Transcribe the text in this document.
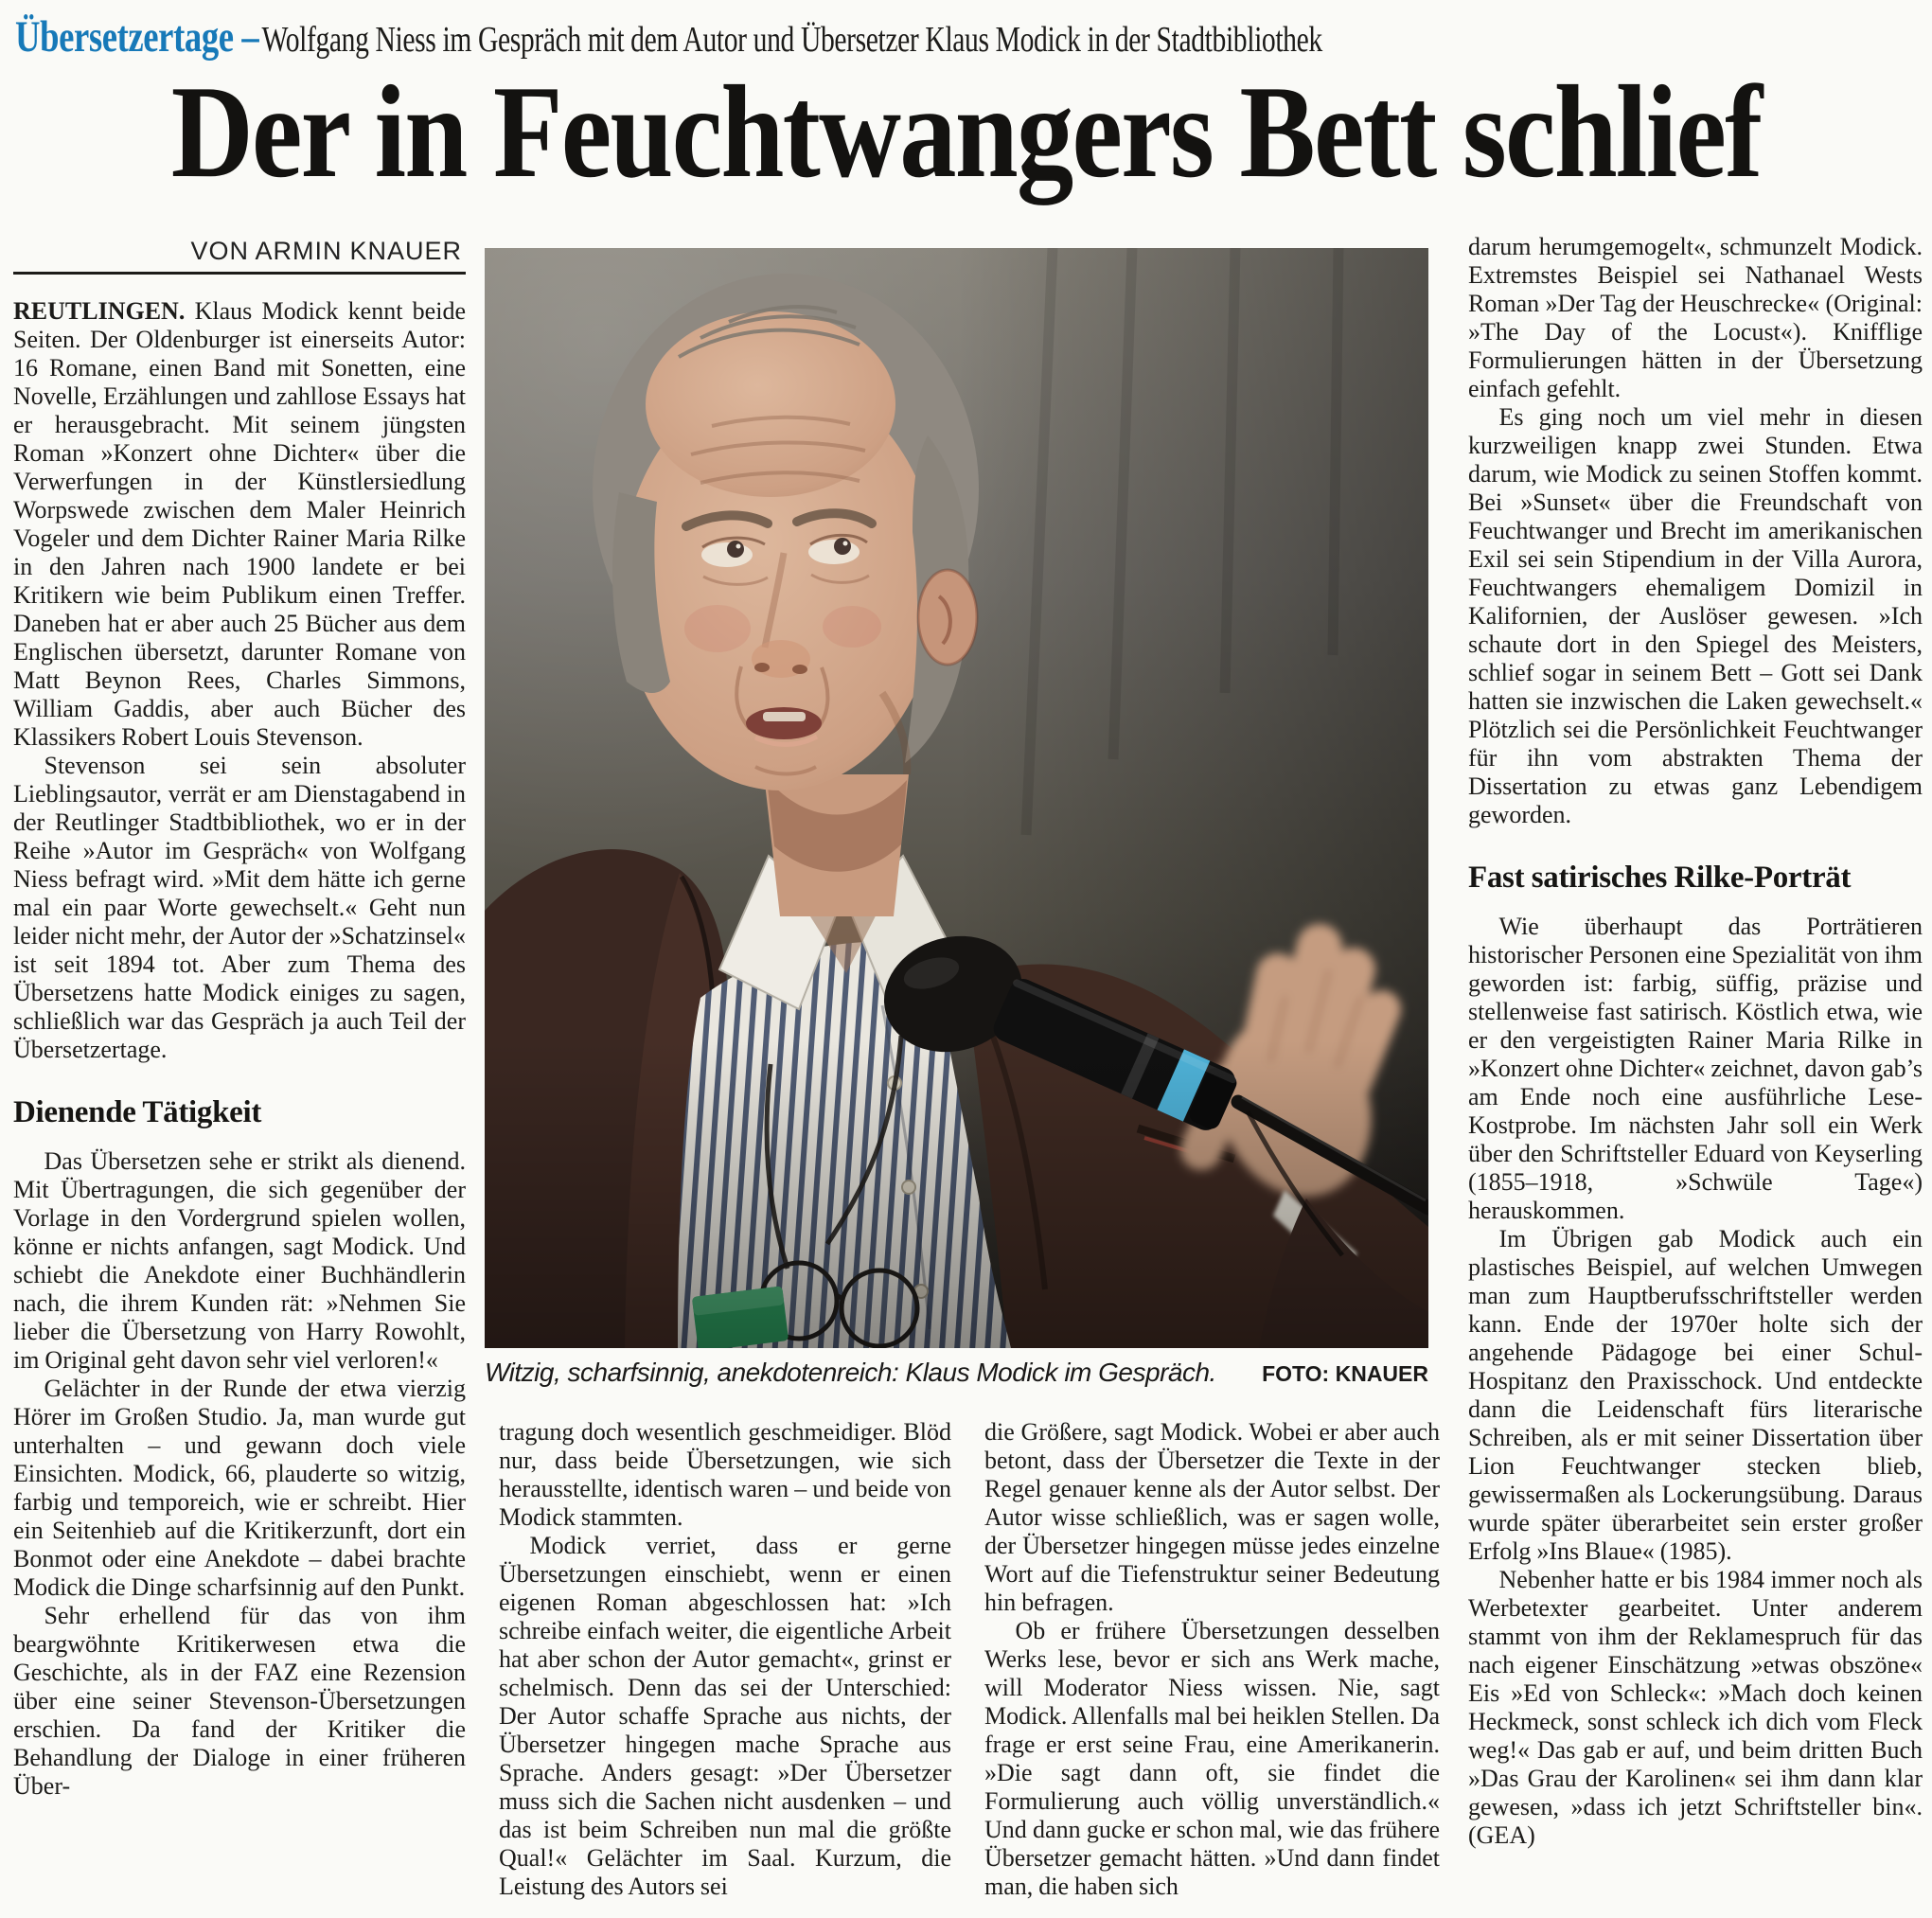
Übersetzertage – Wolfgang Niess im Gespräch mit dem Autor und Übersetzer Klaus Modick in der Stadtbibliothek
Der in Feuchtwangers Bett schlief
VON ARMIN KNAUER

REUTLINGEN. Klaus Modick kennt beide Seiten. Der Oldenburger ist einerseits Autor: 16 Romane, einen Band mit Sonetten, eine Novelle, Erzählungen und zahllose Essays hat er herausgebracht. Mit seinem jüngsten Roman »Konzert ohne Dichter« über die Verwerfungen in der Künstlersiedlung Worpswede zwischen dem Maler Heinrich Vogeler und dem Dichter Rainer Maria Rilke in den Jahren nach 1900 landete er bei Kritikern wie beim Publikum einen Treffer. Daneben hat er aber auch 25 Bücher aus dem Englischen übersetzt, darunter Romane von Matt Beynon Rees, Charles Simmons, William Gaddis, aber auch Bücher des Klassikers Robert Louis Stevenson.

Stevenson sei sein absoluter Lieblingsautor, verrät er am Dienstagabend in der Reutlinger Stadtbibliothek, wo er in der Reihe »Autor im Gespräch« von Wolfgang Niess befragt wird. »Mit dem hätte ich gerne mal ein paar Worte gewechselt.« Geht nun leider nicht mehr, der Autor der »Schatzinsel« ist seit 1894 tot. Aber zum Thema des Übersetzens hatte Modick einiges zu sagen, schließlich war das Gespräch ja auch Teil der Übersetzertage.

Dienende Tätigkeit

Das Übersetzen sehe er strikt als dienend. Mit Übertragungen, die sich gegenüber der Vorlage in den Vordergrund spielen wollen, könne er nichts anfangen, sagt Modick. Und schiebt die Anekdote einer Buchhändlerin nach, die ihrem Kunden rät: »Nehmen Sie lieber die Übersetzung von Harry Rowohlt, im Original geht davon sehr viel verloren!«

Gelächter in der Runde der etwa vierzig Hörer im Großen Studio. Ja, man wurde gut unterhalten – und gewann doch viele Einsichten. Modick, 66, plauderte so witzig, farbig und temporeich, wie er schreibt. Hier ein Seitenhieb auf die Kritikerzunft, dort ein Bonmot oder eine Anekdote – dabei brachte Modick die Dinge scharfsinnig auf den Punkt.

Sehr erhellend für das von ihm beargwöhnte Kritikerwesen etwa die Geschichte, als in der FAZ eine Rezension über eine seiner Stevenson-Übersetzungen erschien. Da fand der Kritiker die Behandlung der Dialoge in einer früheren Über-

Witzig, scharfsinnig, anekdotenreich: Klaus Modick im Gespräch.	FOTO: KNAUER

tragung doch wesentlich geschmeidiger. Blöd nur, dass beide Übersetzungen, wie sich herausstellte, identisch waren – und beide von Modick stammten.

Modick verriet, dass er gerne Übersetzungen einschiebt, wenn er einen eigenen Roman abgeschlossen hat: »Ich schreibe einfach weiter, die eigentliche Arbeit hat aber schon der Autor gemacht«, grinst er schelmisch. Denn das sei der Unterschied: Der Autor schaffe Sprache aus nichts, der Übersetzer hingegen mache Sprache aus Sprache. Anders gesagt: »Der Übersetzer muss sich die Sachen nicht ausdenken – und das ist beim Schreiben nun mal die größte Qual!« Gelächter im Saal. Kurzum, die Leistung des Autors sei

die Größere, sagt Modick. Wobei er aber auch betont, dass der Übersetzer die Texte in der Regel genauer kenne als der Autor selbst. Der Autor wisse schließlich, was er sagen wolle, der Übersetzer hingegen müsse jedes einzelne Wort auf die Tiefenstruktur seiner Bedeutung hin befragen.

Ob er frühere Übersetzungen desselben Werks lese, bevor er sich ans Werk mache, will Moderator Niess wissen. Nie, sagt Modick. Allenfalls mal bei heiklen Stellen. Da frage er erst seine Frau, eine Amerikanerin. »Die sagt dann oft, sie findet die Formulierung auch völlig unverständlich.« Und dann gucke er schon mal, wie das frühere Übersetzer gemacht hätten. »Und dann findet man, die haben sich

darum herumgemogelt«, schmunzelt Modick. Extremstes Beispiel sei Nathanael Wests Roman »Der Tag der Heuschrecke« (Original: »The Day of the Locust«). Knifflige Formulierungen hätten in der Übersetzung einfach gefehlt.

Es ging noch um viel mehr in diesen kurzweiligen knapp zwei Stunden. Etwa darum, wie Modick zu seinen Stoffen kommt. Bei »Sunset« über die Freundschaft von Feuchtwanger und Brecht im amerikanischen Exil sei sein Stipendium in der Villa Aurora, Feuchtwangers ehemaligem Domizil in Kalifornien, der Auslöser gewesen. »Ich schaute dort in den Spiegel des Meisters, schlief sogar in seinem Bett – Gott sei Dank hatten sie inzwischen die Laken gewechselt.« Plötzlich sei die Persönlichkeit Feuchtwanger für ihn vom abstrakten Thema der Dissertation zu etwas ganz Lebendigem geworden.

Fast satirisches Rilke-Porträt

Wie überhaupt das Porträtieren historischer Personen eine Spezialität von ihm geworden ist: farbig, süffig, präzise und stellenweise fast satirisch. Köstlich etwa, wie er den vergeistigten Rainer Maria Rilke in »Konzert ohne Dichter« zeichnet, davon gab’s am Ende noch eine ausführliche Lese-Kostprobe. Im nächsten Jahr soll ein Werk über den Schriftsteller Eduard von Keyserling (1855–1918, »Schwüle Tage«) herauskommen.

Im Übrigen gab Modick auch ein plastisches Beispiel, auf welchen Umwegen man zum Hauptberufsschriftsteller werden kann. Ende der 1970er holte sich der angehende Pädagoge bei einer Schul-Hospitanz den Praxisschock. Und entdeckte dann die Leidenschaft fürs literarische Schreiben, als er mit seiner Dissertation über Lion Feuchtwanger stecken blieb, gewissermaßen als Lockerungsübung. Daraus wurde später überarbeitet sein erster großer Erfolg »Ins Blaue« (1985).

Nebenher hatte er bis 1984 immer noch als Werbetexter gearbeitet. Unter anderem stammt von ihm der Reklamespruch für das nach eigener Einschätzung »etwas obszöne« Eis »Ed von Schleck«: »Mach doch keinen Heckmeck, sonst schleck ich dich vom Fleck weg!« Das gab er auf, und beim dritten Buch »Das Grau der Karolinen« sei ihm dann klar gewesen, »dass ich jetzt Schriftsteller bin«. (GEA)
